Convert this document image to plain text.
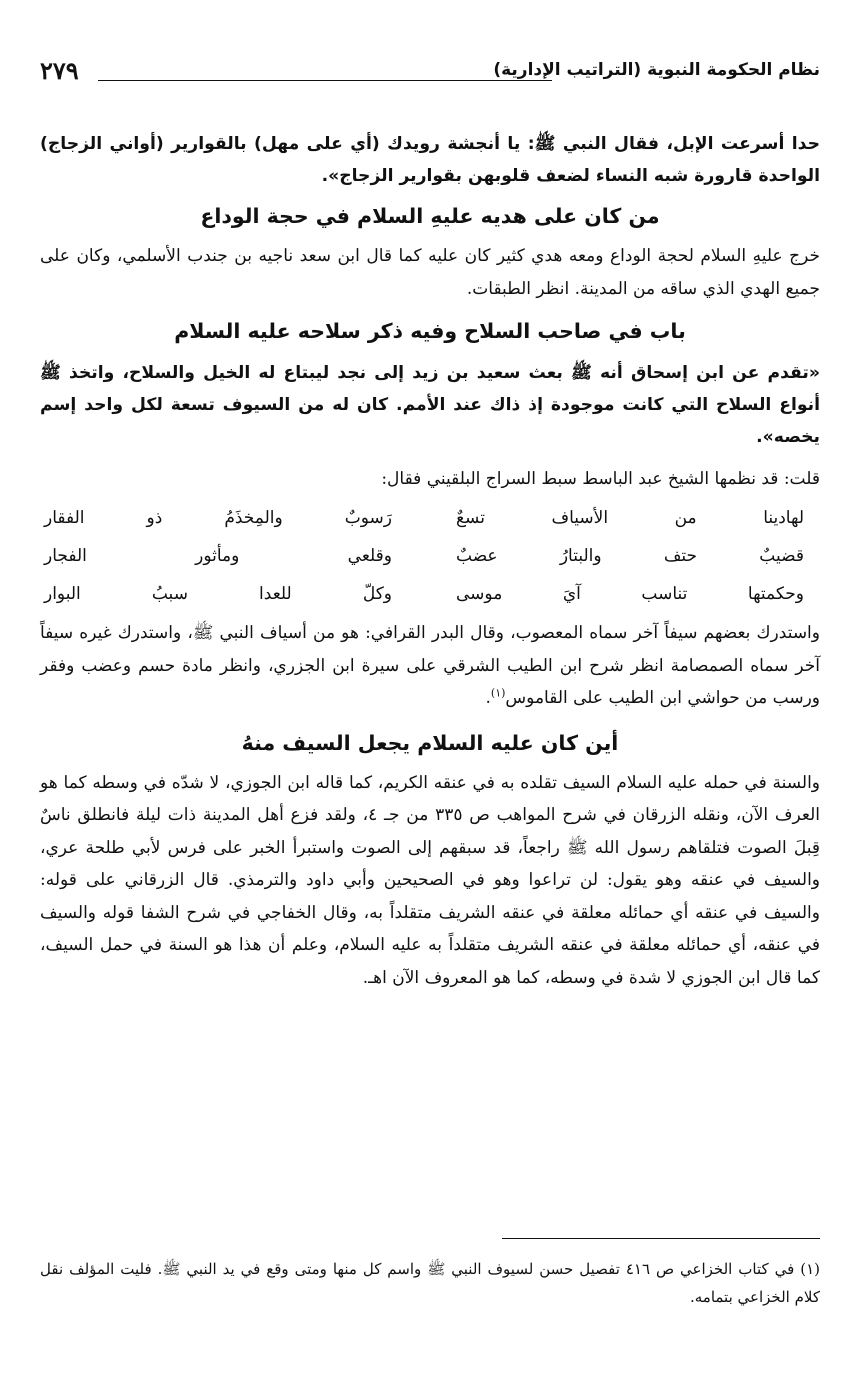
نظام الحكومة النبوية (التراتيب الإدارية)
٢٧٩

حدا أسرعت الإبل، فقال النبي ﷺ: يا أنجشة رويدك (أي على مهل) بالقوارير (أواني الزجاج) الواحدة قارورة شبه النساء لضعف قلوبهن بقوارير الزجاج».

من كان على هديه عليهِ السلام في حجة الوداع

خرج عليهِ السلام لحجة الوداع ومعه هدي كثير كان عليه كما قال ابن سعد ناجيه بن جندب الأسلمي، وكان على جميع الهدي الذي ساقه من المدينة. انظر الطبقات.

باب في صاحب السلاح وفيه ذكر سلاحه عليه السلام

«تقدم عن ابن إسحاق أنه ﷺ بعث سعيد بن زيد إلى نجد ليبتاع له الخيل والسلاح، واتخذ ﷺ أنواع السلاح التي كانت موجودة إذ ذاك عند الأمم. كان له من السيوف تسعة لكل واحد إسم يخصه».

قلت: قد نظمها الشيخ عبد الباسط سبط السراج البلقيني فقال:

لهادينا من الأسياف تسعٌ
رَسوبٌ والمِخذَمُ ذو الفقار
قضيبٌ حتف والبتارُ عضبٌ
وقلعي ومأثور الفجار
وحكمتها تناسب آيَ موسى
وكلّ للعدا سببُ البوار

واستدرك بعضهم سيفاً آخر سماه المعصوب، وقال البدر القرافي: هو من أسياف النبي ﷺ، واستدرك غيره سيفاً آخر سماه الصمصامة انظر شرح ابن الطيب الشرقي على سيرة ابن الجزري، وانظر مادة حسم وعضب وفقر ورسب من حواشي ابن الطيب على القاموس$^{(١)}$.

أين كان عليه السلام يجعل السيف منهُ

والسنة في حمله عليه السلام السيف تقلده به في عنقه الكريم، كما قاله ابن الجوزي، لا شدّه في وسطه كما هو العرف الآن، ونقله الزرقان في شرح المواهب ص ٣٣٥ من جـ ٤، ولقد فزع أهل المدينة ذات ليلة فانطلق ناسٌ قِبلَ الصوت فتلقاهم رسول الله ﷺ راجعاً، قد سبقهم إلى الصوت واستبرأ الخبر على فرس لأبي طلحة عري، والسيف في عنقه وهو يقول: لن تراعوا وهو في الصحيحين وأبي داود والترمذي. قال الزرقاني على قوله: والسيف في عنقه أي حمائله معلقة في عنقه الشريف متقلداً به، وقال الخفاجي في شرح الشفا قوله والسيف في عنقه، أي حمائله معلقة في عنقه الشريف متقلداً به عليه السلام، وعلم أن هذا هو السنة في حمل السيف، كما قال ابن الجوزي لا شدة في وسطه، كما هو المعروف الآن اهـ.

(١) في كتاب الخزاعي ص ٤١٦ تفصيل حسن لسيوف النبي ﷺ واسم كل منها ومتى وقع في يد النبي ﷺ. فليت المؤلف نقل كلام الخزاعي بتمامه.
